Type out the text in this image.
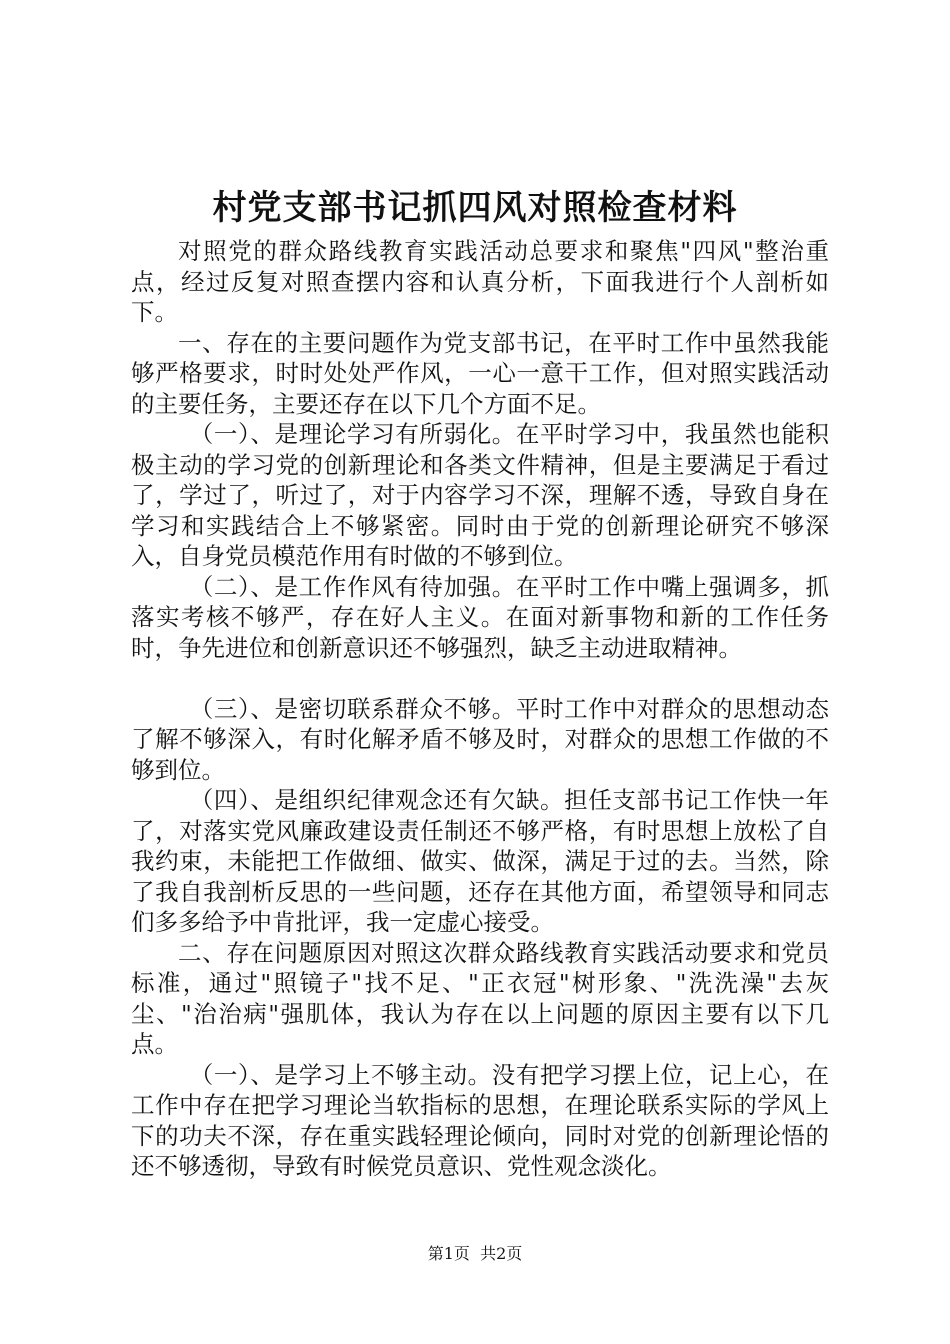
村党支部书记抓四风对照检查材料

对照党的群众路线教育实践活动总要求和聚焦"四风"整治重点，经过反复对照查摆内容和认真分析，下面我进行个人剖析如下。

一、存在的主要问题作为党支部书记，在平时工作中虽然我能够严格要求，时时处处严作风，一心一意干工作，但对照实践活动的主要任务，主要还存在以下几个方面不足。

（一）、是理论学习有所弱化。在平时学习中，我虽然也能积极主动的学习党的创新理论和各类文件精神，但是主要满足于看过了，学过了，听过了，对于内容学习不深，理解不透，导致自身在学习和实践结合上不够紧密。同时由于党的创新理论研究不够深入，自身党员模范作用有时做的不够到位。

（二）、是工作作风有待加强。在平时工作中嘴上强调多，抓落实考核不够严，存在好人主义。在面对新事物和新的工作任务时，争先进位和创新意识还不够强烈，缺乏主动进取精神。

（三）、是密切联系群众不够。平时工作中对群众的思想动态了解不够深入，有时化解矛盾不够及时，对群众的思想工作做的不够到位。

（四）、是组织纪律观念还有欠缺。担任支部书记工作快一年了，对落实党风廉政建设责任制还不够严格，有时思想上放松了自我约束，未能把工作做细、做实、做深，满足于过的去。当然，除了我自我剖析反思的一些问题，还存在其他方面，希望领导和同志们多多给予中肯批评，我一定虚心接受。

二、存在问题原因对照这次群众路线教育实践活动要求和党员标准，通过"照镜子"找不足、"正衣冠"树形象、"洗洗澡"去灰尘、"治治病"强肌体，我认为存在以上问题的原因主要有以下几点。

（一）、是学习上不够主动。没有把学习摆上位，记上心，在工作中存在把学习理论当软指标的思想，在理论联系实际的学风上下的功夫不深，存在重实践轻理论倾向，同时对党的创新理论悟的还不够透彻，导致有时候党员意识、党性观念淡化。

第1页 共2页
